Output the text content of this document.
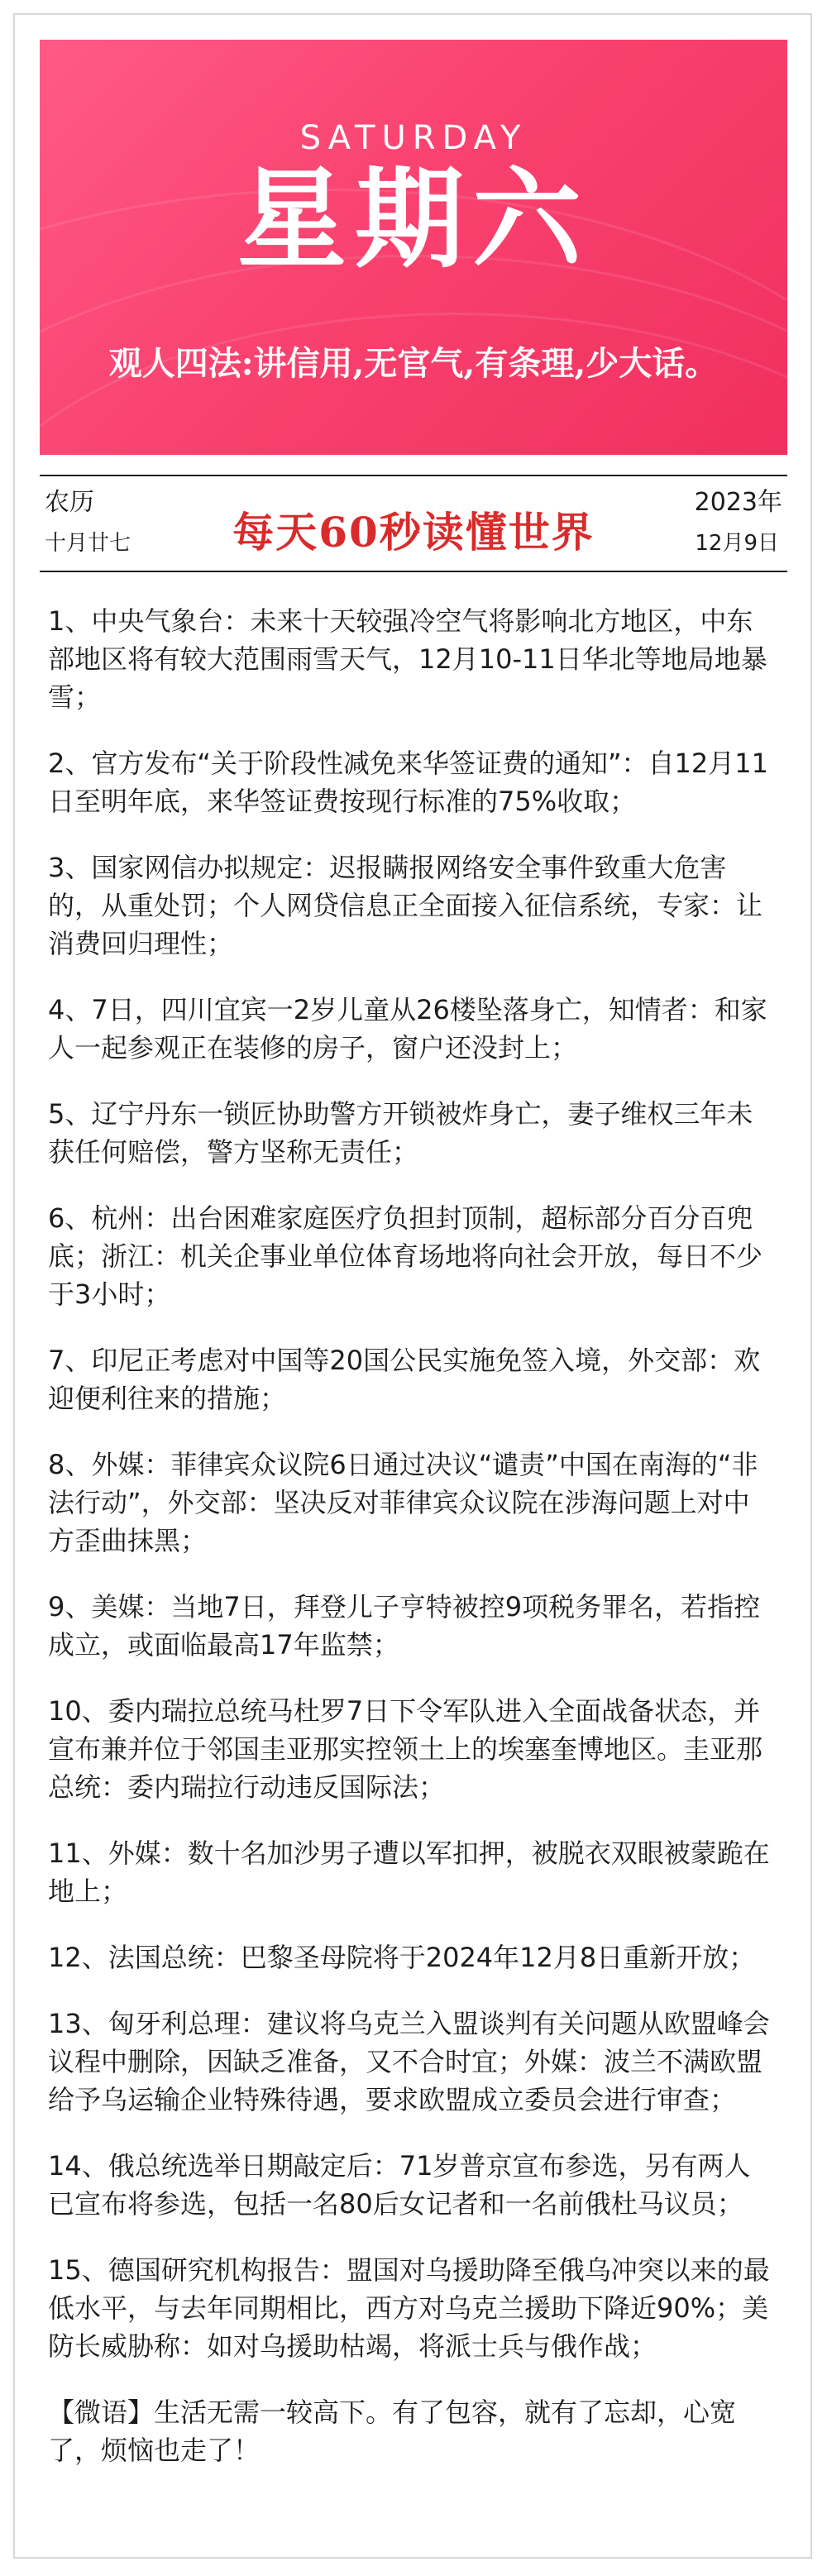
SATURDAY
星期六
观人四法:讲信用,无官气,有条理,少大话。
农历
十月廿七	每天60秒读懂世界
2023年
12月9日

1、中央气象台：未来十天较强冷空气将影响北方地区，中东部地区将有较大范围雨雪天气，12月10-11日华北等地局地暴雪；

2、官方发布“关于阶段性减免来华签证费的通知”：自12月11日至明年底，来华签证费按现行标准的75%收取；

3、国家网信办拟规定：迟报瞒报网络安全事件致重大危害的，从重处罚；个人网贷信息正全面接入征信系统，专家：让消费回归理性；

4、7日，四川宜宾一2岁儿童从26楼坠落身亡，知情者：和家人一起参观正在装修的房子，窗户还没封上；

5、辽宁丹东一锁匠协助警方开锁被炸身亡，妻子维权三年未获任何赔偿，警方坚称无责任；

6、杭州：出台困难家庭医疗负担封顶制，超标部分百分百兜底；浙江：机关企事业单位体育场地将向社会开放，每日不少于3小时；

7、印尼正考虑对中国等20国公民实施免签入境，外交部：欢迎便利往来的措施；

8、外媒：菲律宾众议院6日通过决议“谴责”中国在南海的“非法行动”，外交部：坚决反对菲律宾众议院在涉海问题上对中方歪曲抹黑；

9、美媒：当地7日，拜登儿子亨特被控9项税务罪名，若指控成立，或面临最高17年监禁；

10、委内瑞拉总统马杜罗7日下令军队进入全面战备状态，并宣布兼并位于邻国圭亚那实控领土上的埃塞奎博地区。圭亚那总统：委内瑞拉行动违反国际法；

11、外媒：数十名加沙男子遭以军扣押，被脱衣双眼被蒙跪在地上；

12、法国总统：巴黎圣母院将于2024年12月8日重新开放；

13、匈牙利总理：建议将乌克兰入盟谈判有关问题从欧盟峰会议程中删除，因缺乏准备，又不合时宜；外媒：波兰不满欧盟给予乌运输企业特殊待遇，要求欧盟成立委员会进行审查；

14、俄总统选举日期敲定后：71岁普京宣布参选，另有两人已宣布将参选，包括一名80后女记者和一名前俄杜马议员；

15、德国研究机构报告：盟国对乌援助降至俄乌冲突以来的最低水平，与去年同期相比，西方对乌克兰援助下降近90%；美防长威胁称：如对乌援助枯竭，将派士兵与俄作战；

【微语】生活无需一较高下。有了包容，就有了忘却，心宽了，烦恼也走了！
